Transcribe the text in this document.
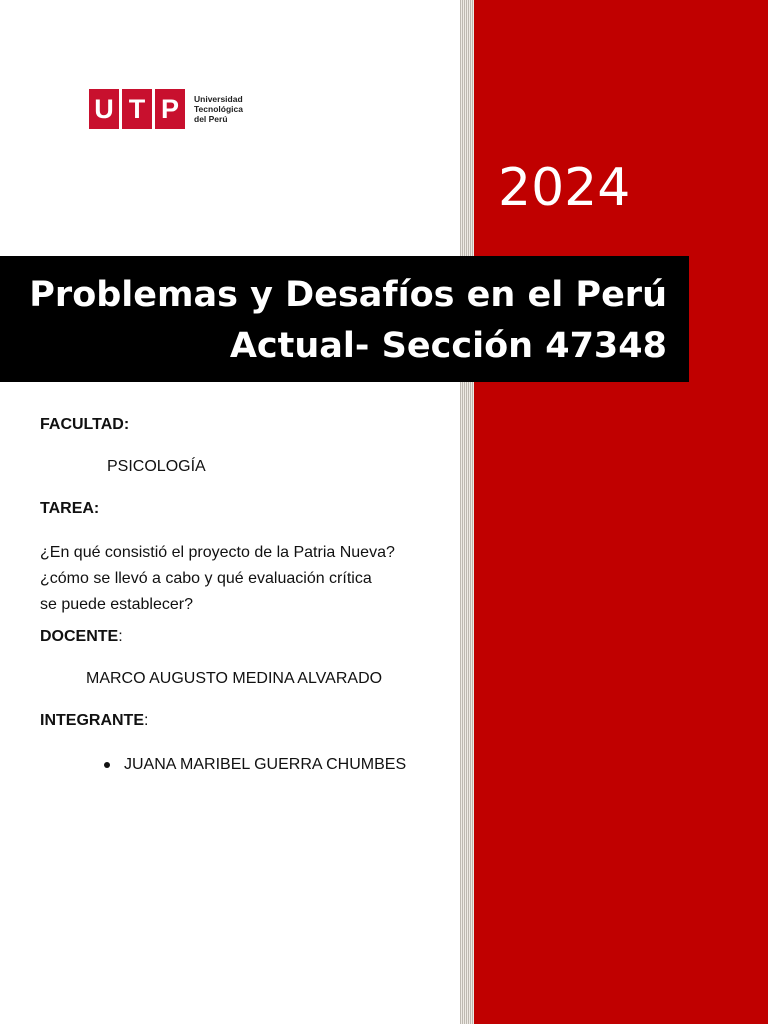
U T P	Universidad
Tecnológica
del Perú
2024
Problemas y Desafíos en el Perú
Actual- Sección 47348
FACULTAD:
PSICOLOGÍA
TAREA:
¿En qué consistió el proyecto de la Patria Nueva?
¿cómo se llevó a cabo y qué evaluación crítica
se puede establecer?
DOCENTE:
MARCO AUGUSTO MEDINA ALVARADO
INTEGRANTE:
JUANA MARIBEL GUERRA CHUMBES
